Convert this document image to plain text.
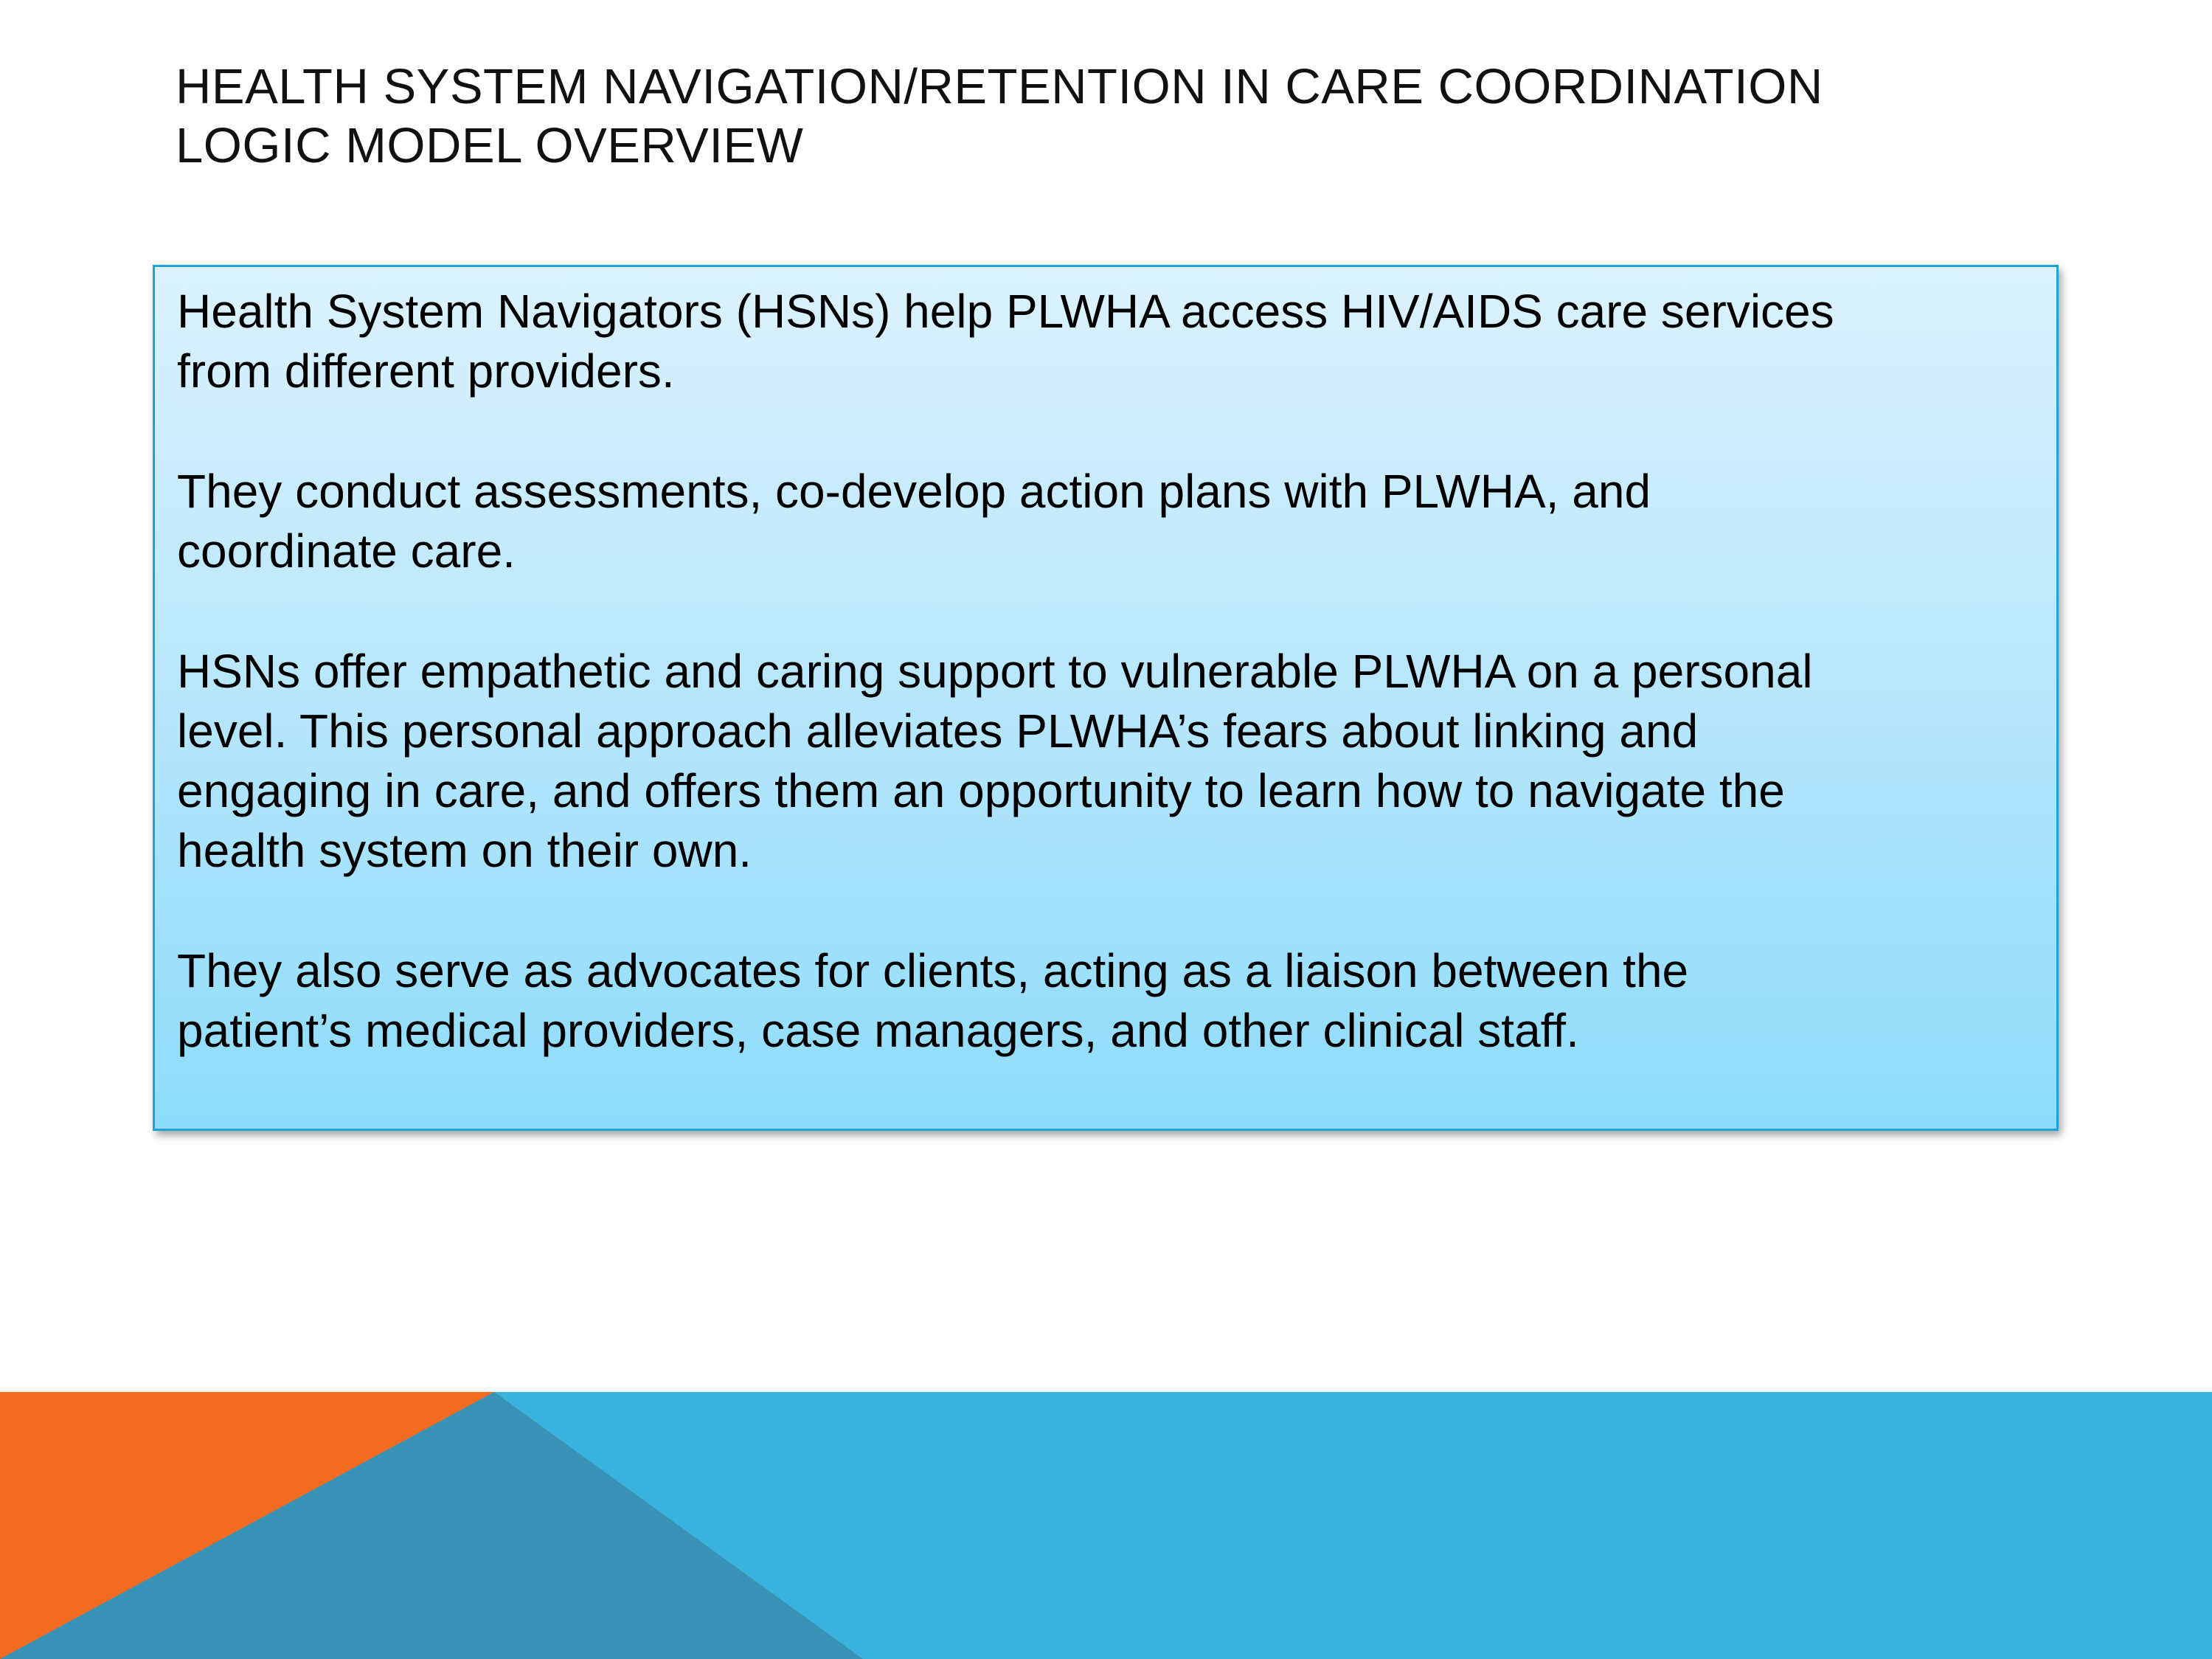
HEALTH SYSTEM NAVIGATION/RETENTION IN CARE COORDINATION
LOGIC MODEL OVERVIEW

Health System Navigators (HSNs) help PLWHA access HIV/AIDS care services
from different providers.

They conduct assessments, co-develop action plans with PLWHA, and
coordinate care.

HSNs offer empathetic and caring support to vulnerable PLWHA on a personal
level. This personal approach alleviates PLWHA’s fears about linking and
engaging in care, and offers them an opportunity to learn how to navigate the
health system on their own.

They also serve as advocates for clients, acting as a liaison between the
patient’s medical providers, case managers, and other clinical staff.
